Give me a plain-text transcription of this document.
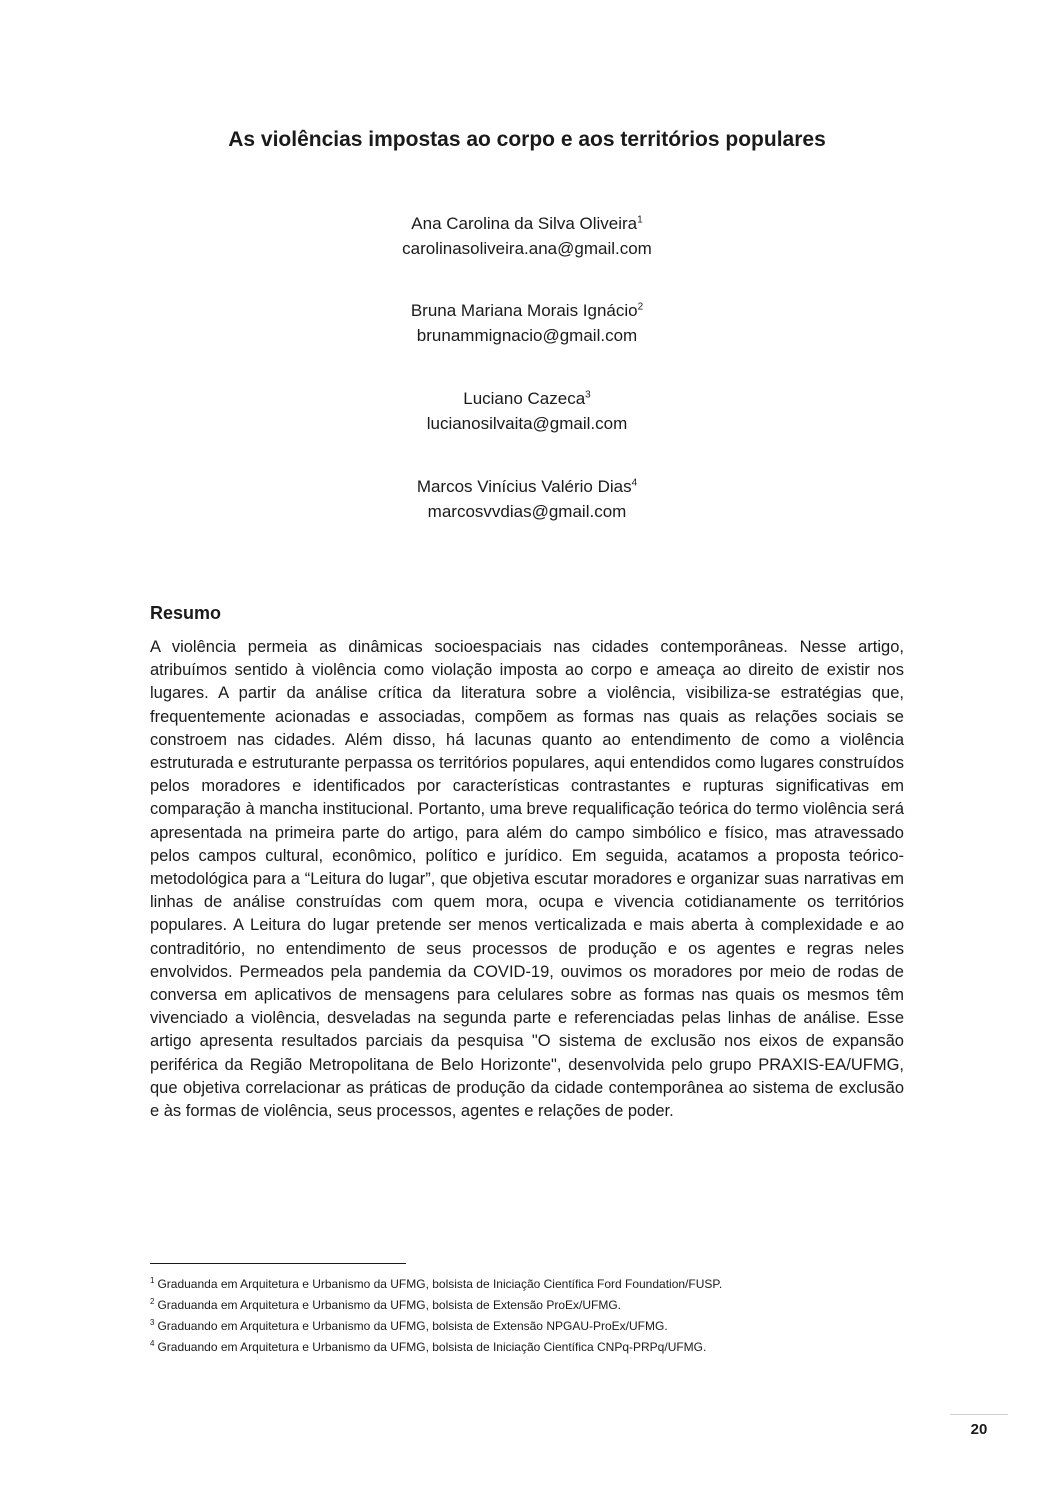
As violências impostas ao corpo e aos territórios populares
Ana Carolina da Silva Oliveira$^1$
carolinasoliveira.ana@gmail.com
Bruna Mariana Morais Ignácio$^2$
brunammignacio@gmail.com
Luciano Cazeca$^3$
lucianosilvaita@gmail.com
Marcos Vinícius Valério Dias$^4$
marcosvvdias@gmail.com
Resumo

A violência permeia as dinâmicas socioespaciais nas cidades contemporâneas. Nesse artigo, atribuímos sentido à violência como violação imposta ao corpo e ameaça ao direito de existir nos lugares. A partir da análise crítica da literatura sobre a violência, visibiliza-se estratégias que, frequentemente acionadas e associadas, compõem as formas nas quais as relações sociais se constroem nas cidades. Além disso, há lacunas quanto ao entendimento de como a violência estruturada e estruturante perpassa os territórios populares, aqui entendidos como lugares construídos pelos moradores e identificados por características contrastantes e rupturas significativas em comparação à mancha institucional. Portanto, uma breve requalificação teórica do termo violência será apresentada na primeira parte do artigo, para além do campo simbólico e físico, mas atravessado pelos campos cultural, econômico, político e jurídico. Em seguida, acatamos a proposta teórico-metodológica para a “Leitura do lugar”, que objetiva escutar moradores e organizar suas narrativas em linhas de análise construídas com quem mora, ocupa e vivencia cotidianamente os territórios populares. A Leitura do lugar pretende ser menos verticalizada e mais aberta à complexidade e ao contraditório, no entendimento de seus processos de produção e os agentes e regras neles envolvidos. Permeados pela pandemia da COVID-19, ouvimos os moradores por meio de rodas de conversa em aplicativos de mensagens para celulares sobre as formas nas quais os mesmos têm vivenciado a violência, desveladas na segunda parte e referenciadas pelas linhas de análise. Esse artigo apresenta resultados parciais da pesquisa "O sistema de exclusão nos eixos de expansão periférica da Região Metropolitana de Belo Horizonte", desenvolvida pelo grupo PRAXIS-EA/UFMG, que objetiva correlacionar as práticas de produção da cidade contemporânea ao sistema de exclusão e às formas de violência, seus processos, agentes e relações de poder.

$^1$ Graduanda em Arquitetura e Urbanismo da UFMG, bolsista de Iniciação Científica Ford Foundation/FUSP.
$^2$ Graduanda em Arquitetura e Urbanismo da UFMG, bolsista de Extensão ProEx/UFMG.
$^3$ Graduando em Arquitetura e Urbanismo da UFMG, bolsista de Extensão NPGAU-ProEx/UFMG.
$^4$ Graduando em Arquitetura e Urbanismo da UFMG, bolsista de Iniciação Científica CNPq-PRPq/UFMG.
20
